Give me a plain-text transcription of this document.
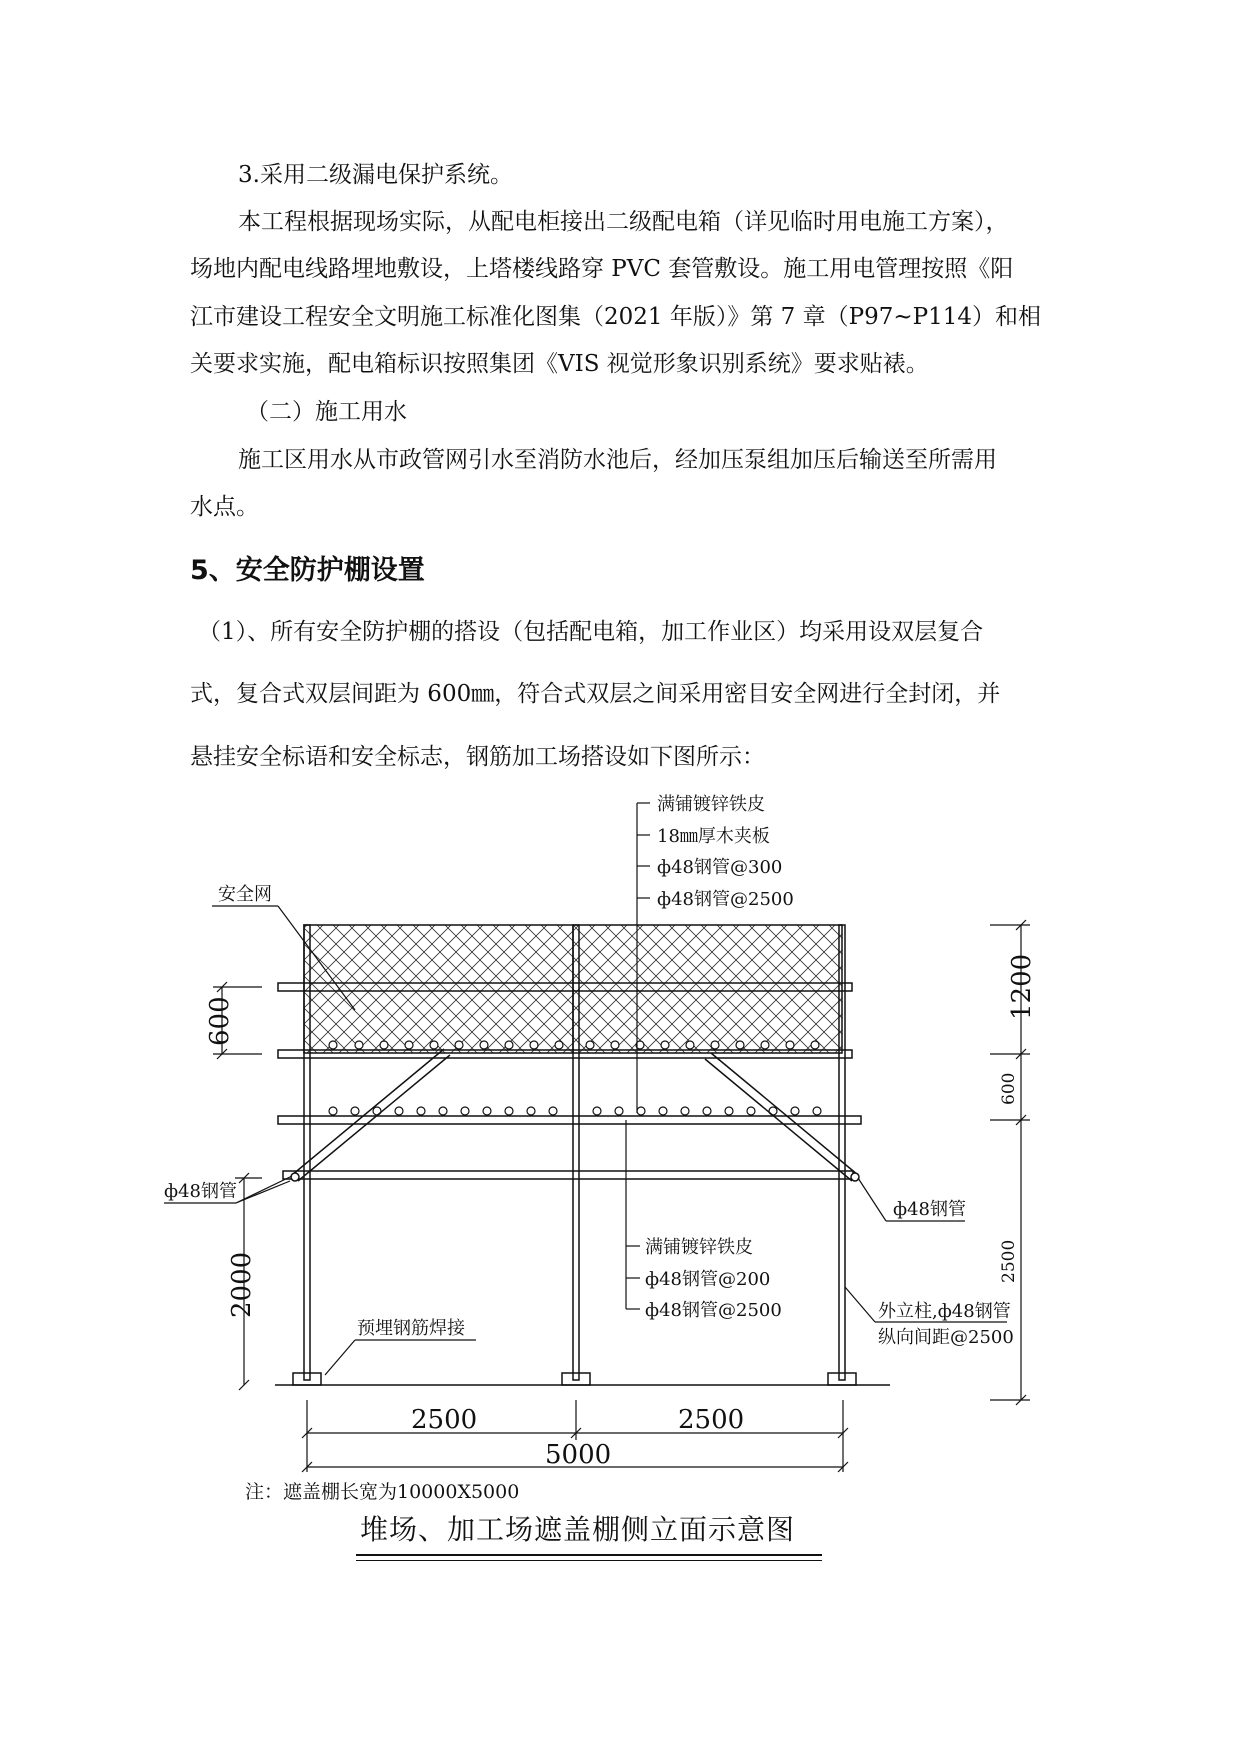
3.采用二级漏电保护系统。
本工程根据现场实际，从配电柜接出二级配电箱（详见临时用电施工方案），
场地内配电线路埋地敷设，上塔楼线路穿 PVC 套管敷设。施工用电管理按照《阳
江市建设工程安全文明施工标准化图集（2021 年版）》第 7 章（P97~P114）和相
关要求实施，配电箱标识按照集团《VIS 视觉形象识别系统》要求贴裱。
（二）施工用水
施工区用水从市政管网引水至消防水池后，经加压泵组加压后输送至所需用
水点。
5、安全防护棚设置
（1）、所有安全防护棚的搭设（包括配电箱，加工作业区）均采用设双层复合
式，复合式双层间距为 600㎜，符合式双层之间采用密目安全网进行全封闭，并
悬挂安全标语和安全标志，钢筋加工场搭设如下图所示：
满铺镀锌铁皮
18㎜厚木夹板
ф48钢管@300
ф48钢管@2500
安全网
600
1200
600
2500
2000
ф48钢管
ф48钢管
满铺镀锌铁皮
ф48钢管@200
ф48钢管@2500	外立柱,ф48钢管
纵向间距@2500
预埋钢筋焊接
2500	2500
5000
注：遮盖棚长宽为10000X5000
堆场、加工场遮盖棚侧立面示意图
